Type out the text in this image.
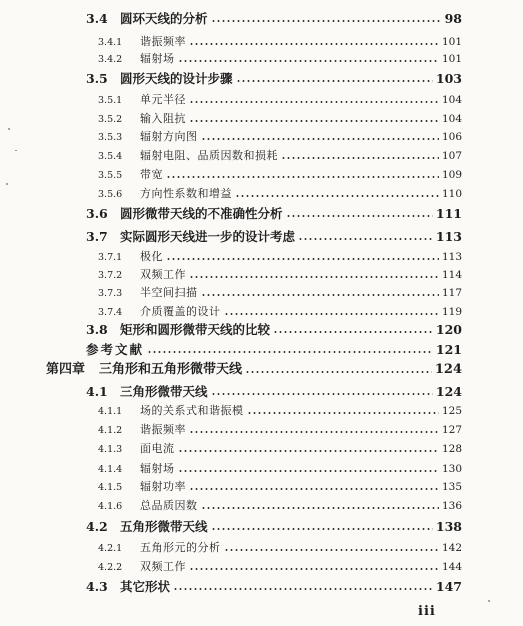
3.4 圆环天线的分析	98
3.4.1	谐振频率	101
3.4.2	辐射场	101
3.5 圆形天线的设计步骤	103
3.5.1	单元半径	104
3.5.2	输入阻抗	104
3.5.3	辐射方向图	106
3.5.4	辐射电阻、品质因数和损耗	107
3.5.5	带宽	109
3.5.6	方向性系数和增益	110
3.6 圆形微带天线的不准确性分析	111
3.7 实际圆形天线进一步的设计考虑	113
3.7.1	极化	113
3.7.2	双频工作	114
3.7.3	半空间扫描	117
3.7.4	介质覆盖的设计	119
3.8 矩形和圆形微带天线的比较	120
参考文献	121
第四章 三角形和五角形微带天线	124
4.1 三角形微带天线	124
4.1.1	场的关系式和谐振模	125
4.1.2	谐振频率	127
4.1.3	面电流	128
4.1.4	辐射场	130
4.1.5	辐射功率	135
4.1.6	总品质因数	136
4.2 五角形微带天线	138
4.2.1	五角形元的分析	142
4.2.2	双频工作	144
4.3 其它形状	147
iii
